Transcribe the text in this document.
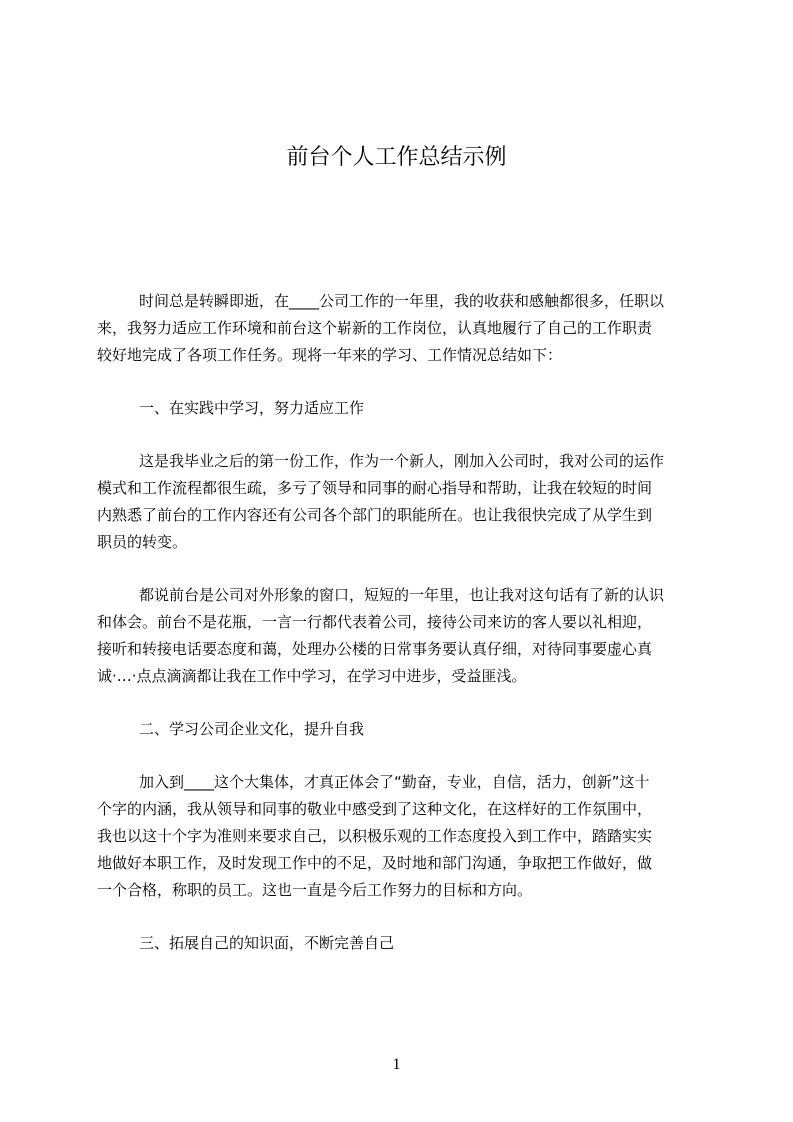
前台个人工作总结示例

时间总是转瞬即逝，在____公司工作的一年里，我的收获和感触都很多，任职以

来，我努力适应工作环境和前台这个崭新的工作岗位，认真地履行了自己的工作职责

较好地完成了各项工作任务。现将一年来的学习、工作情况总结如下：

一、在实践中学习，努力适应工作

这是我毕业之后的第一份工作，作为一个新人，刚加入公司时，我对公司的运作

模式和工作流程都很生疏，多亏了领导和同事的耐心指导和帮助，让我在较短的时间

内熟悉了前台的工作内容还有公司各个部门的职能所在。也让我很快完成了从学生到

职员的转变。

都说前台是公司对外形象的窗口，短短的一年里，也让我对这句话有了新的认识

和体会。前台不是花瓶，一言一行都代表着公司，接待公司来访的客人要以礼相迎，

接听和转接电话要态度和蔼，处理办公楼的日常事务要认真仔细，对待同事要虚心真

诚·…·点点滴滴都让我在工作中学习，在学习中进步，受益匪浅。

二、学习公司企业文化，提升自我

加入到____这个大集体，才真正体会了“勤奋，专业，自信，活力，创新”这十

个字的内涵，我从领导和同事的敬业中感受到了这种文化，在这样好的工作氛围中，

我也以这十个字为准则来要求自己，以积极乐观的工作态度投入到工作中，踏踏实实

地做好本职工作，及时发现工作中的不足，及时地和部门沟通，争取把工作做好，做

一个合格，称职的员工。这也一直是今后工作努力的目标和方向。

三、拓展自己的知识面，不断完善自己

1
